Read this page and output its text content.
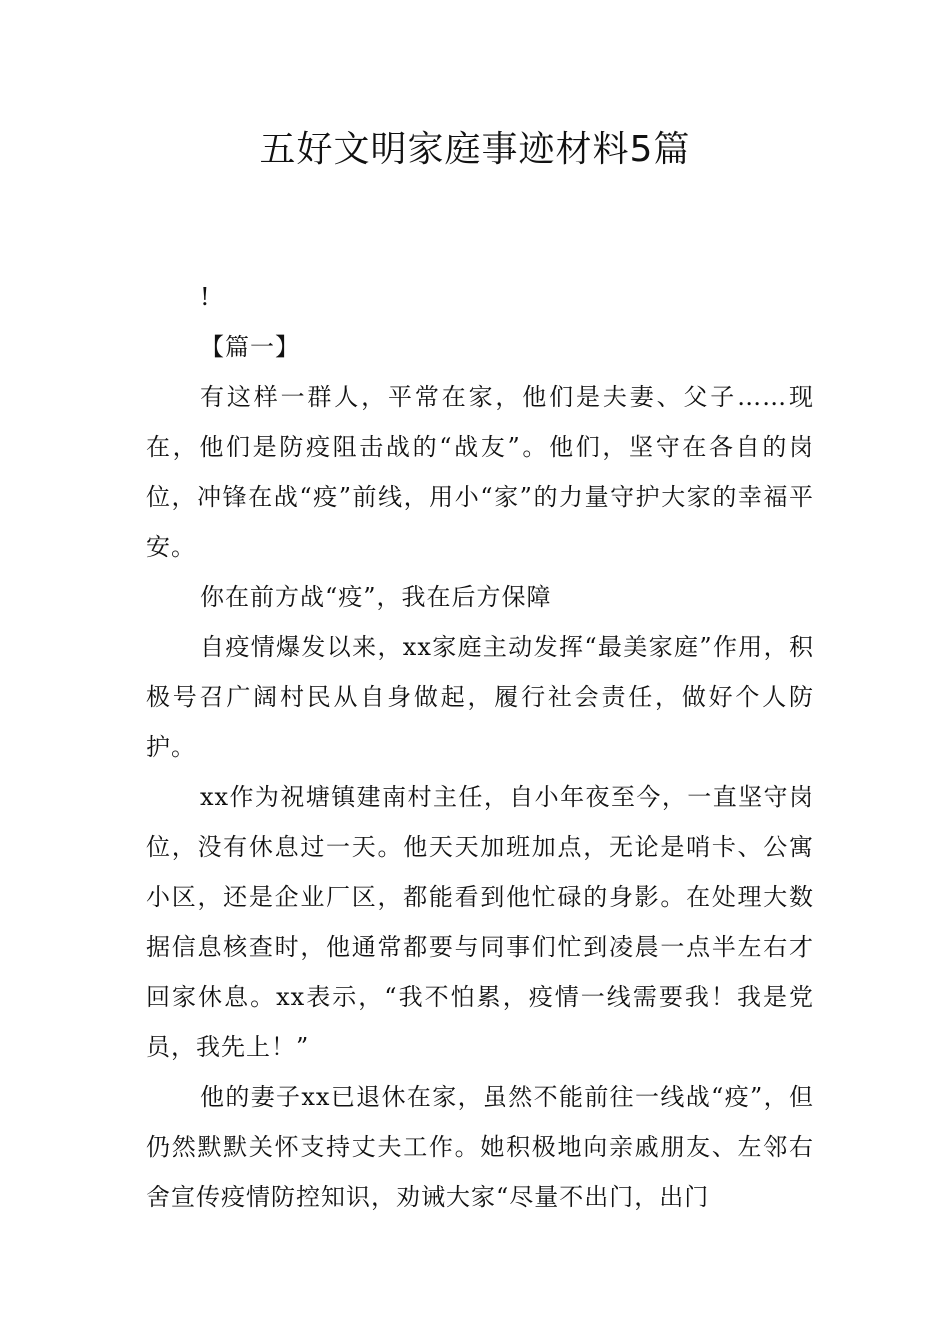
五好文明家庭事迹材料5篇

!

【篇一】

有这样一群人，平常在家，他们是夫妻、父子……现在，他们是防疫阻击战的“战友”。他们，坚守在各自的岗位，冲锋在战“疫”前线，用小“家”的力量守护大家的幸福平安。

你在前方战“疫”，我在后方保障

自疫情爆发以来，xx家庭主动发挥“最美家庭”作用，积极号召广阔村民从自身做起，履行社会责任，做好个人防护。

xx作为祝塘镇建南村主任，自小年夜至今，一直坚守岗位，没有休息过一天。他天天加班加点，无论是哨卡、公寓小区，还是企业厂区，都能看到他忙碌的身影。在处理大数据信息核查时，他通常都要与同事们忙到凌晨一点半左右才回家休息。xx表示，“我不怕累，疫情一线需要我！我是党员，我先上！”

他的妻子xx已退休在家，虽然不能前往一线战“疫”，但仍然默默关怀支持丈夫工作。她积极地向亲戚朋友、左邻右舍宣传疫情防控知识，劝诫大家“尽量不出门，出门
